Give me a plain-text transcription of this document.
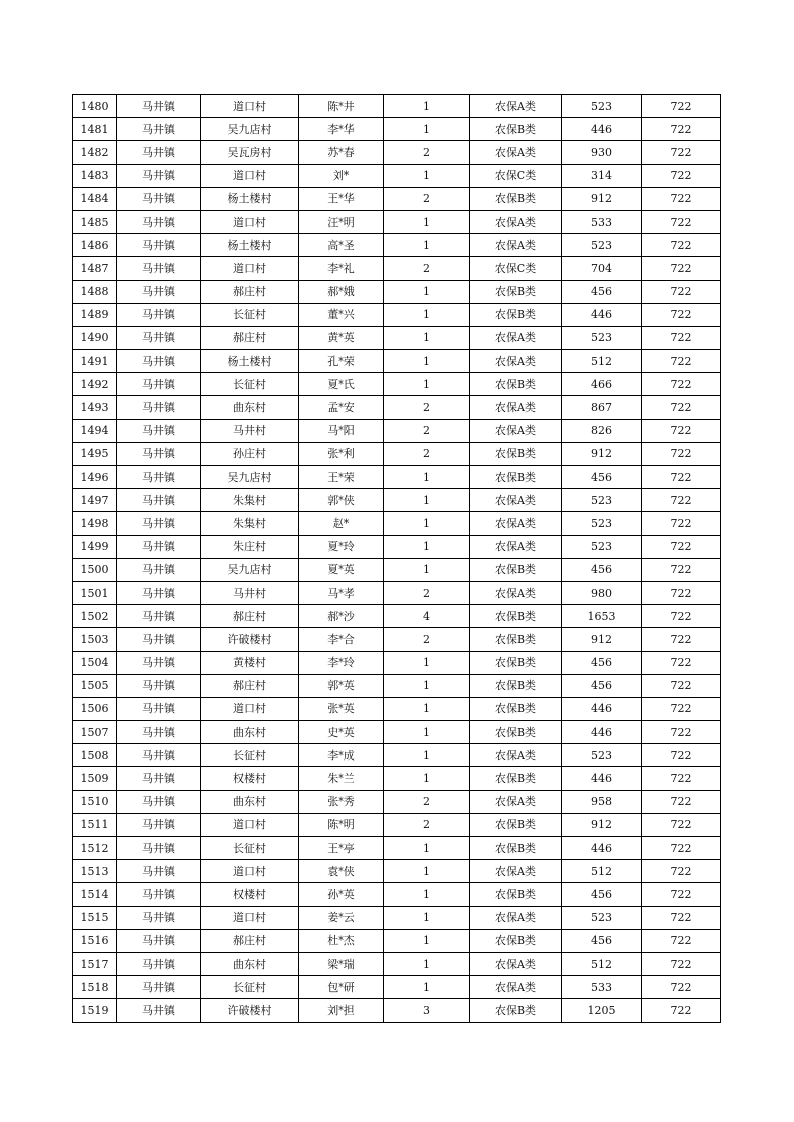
1480	马井镇	道口村	陈*井	1	农保A类	523	722
1481	马井镇	吴九店村	李*华	1	农保B类	446	722
1482	马井镇	吴瓦房村	苏*春	2	农保A类	930	722
1483	马井镇	道口村	刘*	1	农保C类	314	722
1484	马井镇	杨土楼村	王*华	2	农保B类	912	722
1485	马井镇	道口村	汪*明	1	农保A类	533	722
1486	马井镇	杨土楼村	高*圣	1	农保A类	523	722
1487	马井镇	道口村	李*礼	2	农保C类	704	722
1488	马井镇	郝庄村	郝*娥	1	农保B类	456	722
1489	马井镇	长征村	董*兴	1	农保B类	446	722
1490	马井镇	郝庄村	黄*英	1	农保A类	523	722
1491	马井镇	杨土楼村	孔*荣	1	农保A类	512	722
1492	马井镇	长征村	夏*氏	1	农保B类	466	722
1493	马井镇	曲东村	孟*安	2	农保A类	867	722
1494	马井镇	马井村	马*阳	2	农保A类	826	722
1495	马井镇	孙庄村	张*利	2	农保B类	912	722
1496	马井镇	吴九店村	王*荣	1	农保B类	456	722
1497	马井镇	朱集村	郭*侠	1	农保A类	523	722
1498	马井镇	朱集村	赵*	1	农保A类	523	722
1499	马井镇	朱庄村	夏*玲	1	农保A类	523	722
1500	马井镇	吴九店村	夏*英	1	农保B类	456	722
1501	马井镇	马井村	马*孝	2	农保A类	980	722
1502	马井镇	郝庄村	郝*沙	4	农保B类	1653	722
1503	马井镇	许破楼村	李*合	2	农保B类	912	722
1504	马井镇	黄楼村	李*玲	1	农保B类	456	722
1505	马井镇	郝庄村	郭*英	1	农保B类	456	722
1506	马井镇	道口村	张*英	1	农保B类	446	722
1507	马井镇	曲东村	史*英	1	农保B类	446	722
1508	马井镇	长征村	李*成	1	农保A类	523	722
1509	马井镇	权楼村	朱*兰	1	农保B类	446	722
1510	马井镇	曲东村	张*秀	2	农保A类	958	722
1511	马井镇	道口村	陈*明	2	农保B类	912	722
1512	马井镇	长征村	王*亭	1	农保B类	446	722
1513	马井镇	道口村	袁*侠	1	农保A类	512	722
1514	马井镇	权楼村	孙*英	1	农保B类	456	722
1515	马井镇	道口村	姜*云	1	农保A类	523	722
1516	马井镇	郝庄村	杜*杰	1	农保B类	456	722
1517	马井镇	曲东村	梁*瑞	1	农保A类	512	722
1518	马井镇	长征村	包*研	1	农保A类	533	722
1519	马井镇	许破楼村	刘*担	3	农保B类	1205	722
